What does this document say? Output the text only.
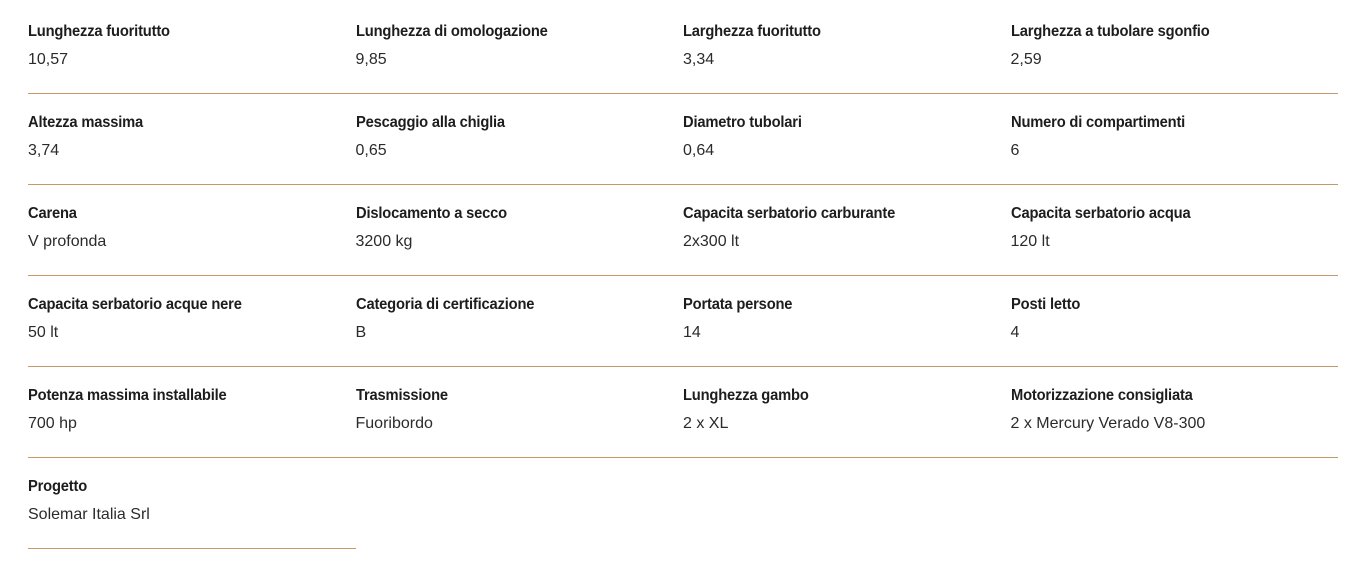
Lunghezza fuoritutto
10,57
Lunghezza di omologazione
9,85
Larghezza fuoritutto
3,34
Larghezza a tubolare sgonfio
2,59
Altezza massima
3,74
Pescaggio alla chiglia
0,65
Diametro tubolari
0,64
Numero di compartimenti
6
Carena
V profonda
Dislocamento a secco
3200 kg
Capacita serbatorio carburante
2x300 lt
Capacita serbatorio acqua
120 lt
Capacita serbatorio acque nere
50 lt
Categoria di certificazione
B
Portata persone
14
Posti letto
4
Potenza massima installabile
700 hp
Trasmissione
Fuoribordo
Lunghezza gambo
2 x XL
Motorizzazione consigliata
2 x Mercury Verado V8-300
Progetto
Solemar Italia Srl
